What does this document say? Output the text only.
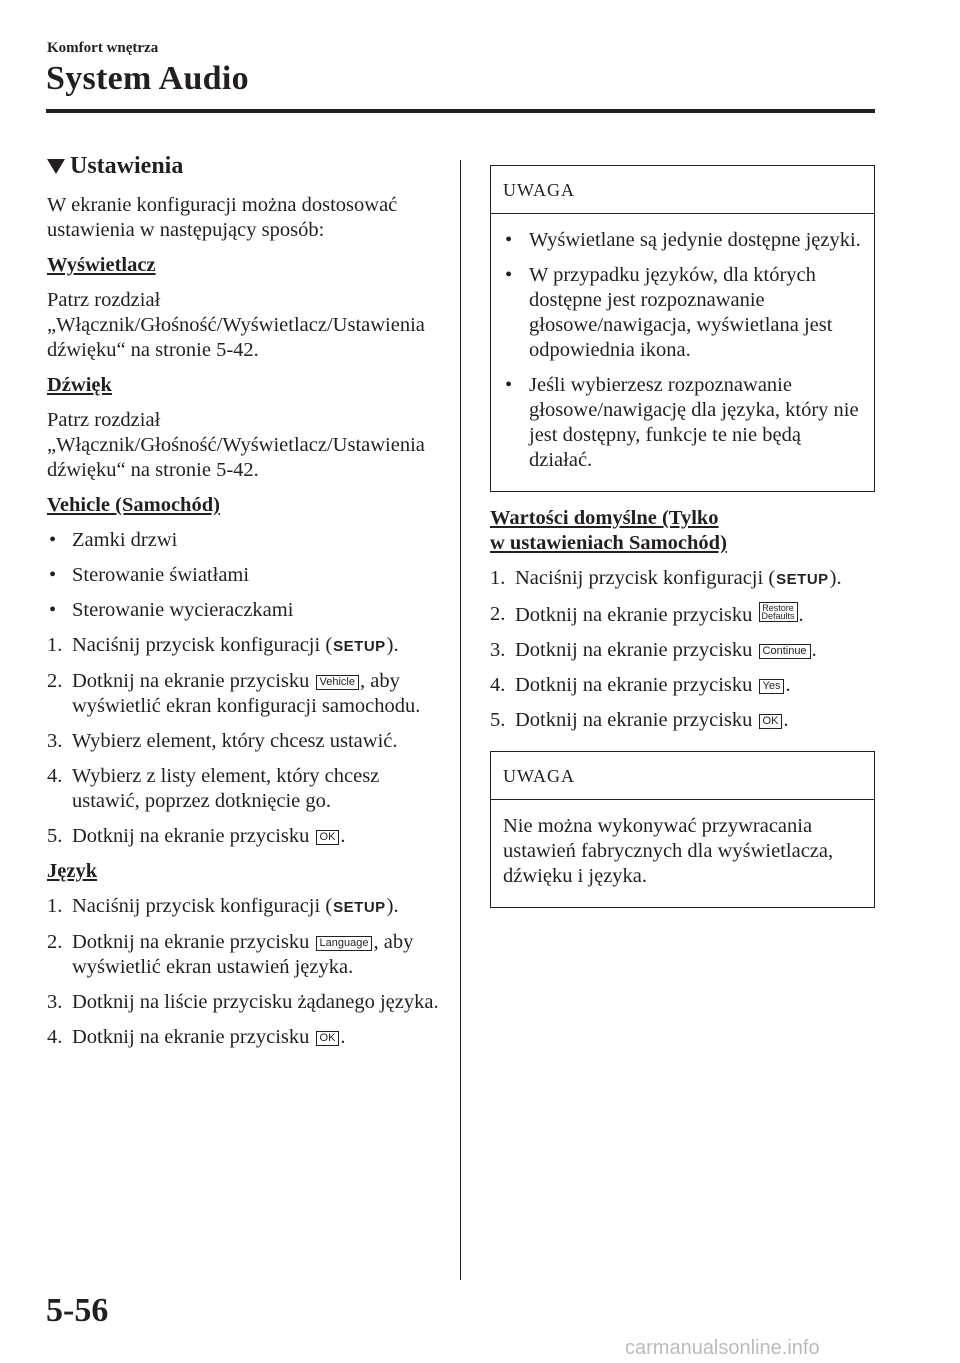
Komfort wnętrza
System Audio
Ustawienia

W ekranie konfiguracji można dostosować ustawienia w następujący sposób:

Wyświetlacz

Patrz rozdział „Włącznik/Głośność/Wyświetlacz/Ustawienia dźwięku“ na stronie 5-42.

Dźwięk

Patrz rozdział „Włącznik/Głośność/Wyświetlacz/Ustawienia dźwięku“ na stronie 5-42.

Vehicle (Samochód)
• Zamki drzwi
• Sterowanie światłami
• Sterowanie wycieraczkami
1. Naciśnij przycisk konfiguracji (SETUP).
2. Dotknij na ekranie przycisku Vehicle , aby wyświetlić ekran konfiguracji samochodu.
3. Wybierz element, który chcesz ustawić.
4. Wybierz z listy element, który chcesz ustawić, poprzez dotknięcie go.
5. Dotknij na ekranie przycisku OK .
Język
1. Naciśnij przycisk konfiguracji (SETUP).
2. Dotknij na ekranie przycisku Language , aby wyświetlić ekran ustawień języka.
3. Dotknij na liście przycisku żądanego języka.
4. Dotknij na ekranie przycisku OK .
UWAGA
• Wyświetlane są jedynie dostępne języki.
• W przypadku języków, dla których dostępne jest rozpoznawanie głosowe/nawigacja, wyświetlana jest odpowiednia ikona.
• Jeśli wybierzesz rozpoznawanie głosowe/nawigację dla języka, który nie jest dostępny, funkcje te nie będą działać.
Wartości domyślne (Tylko
w ustawieniach Samochód)
1. Naciśnij przycisk konfiguracji (SETUP).
2. Dotknij na ekranie przycisku Restore
Defaults .
3. Dotknij na ekranie przycisku Continue .
4. Dotknij na ekranie przycisku Yes .
5. Dotknij na ekranie przycisku OK .
UWAGA

Nie można wykonywać przywracania ustawień fabrycznych dla wyświetlacza, dźwięku i języka.

5-56
carmanualsonline.info
